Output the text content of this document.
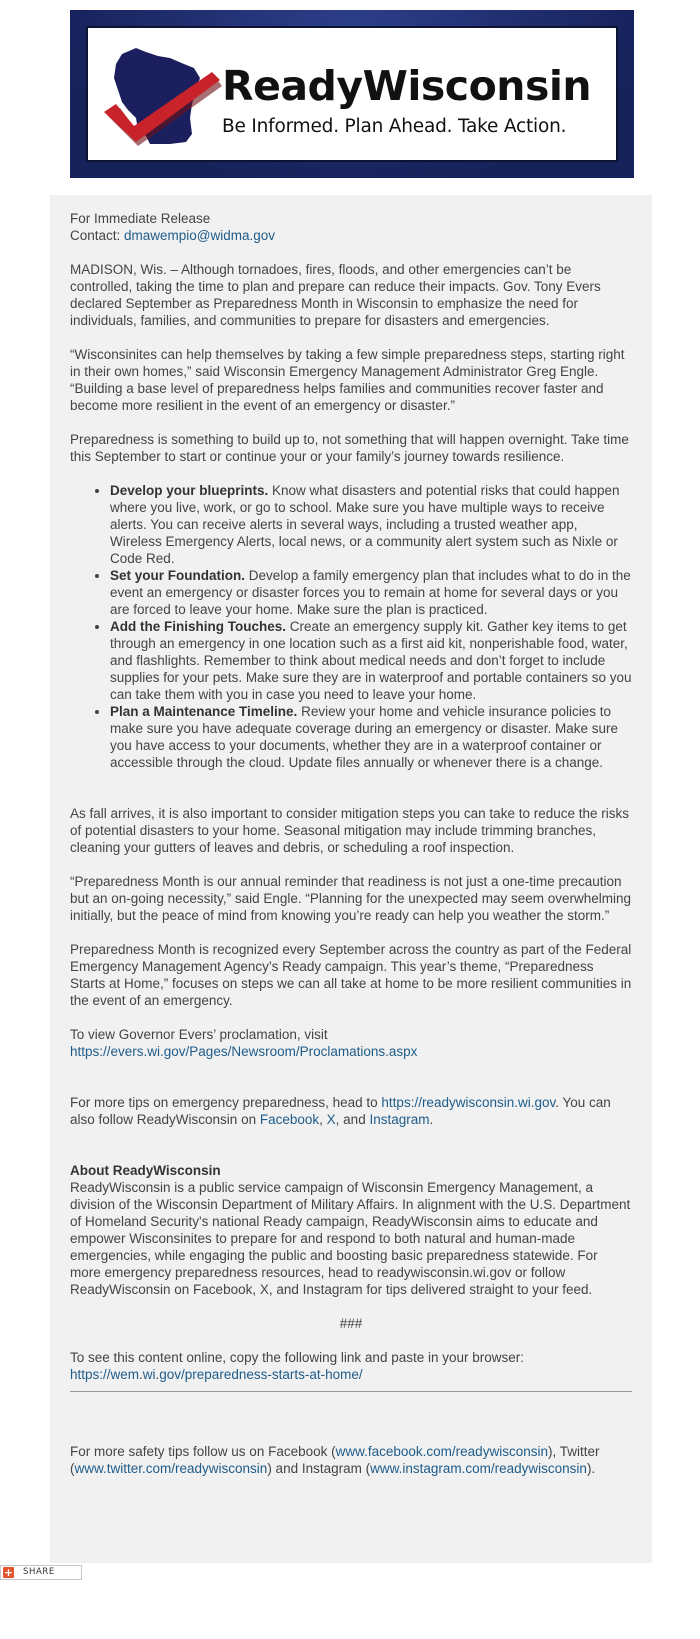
ReadyWisconsin
Be Informed. Plan Ahead. Take Action.

For Immediate Release
Contact: dmawempio@widma.gov

MADISON, Wis. – Although tornadoes, fires, floods, and other emergencies can’t be controlled, taking the time to plan and prepare can reduce their impacts. Gov. Tony Evers declared September as Preparedness Month in Wisconsin to emphasize the need for individuals, families, and communities to prepare for disasters and emergencies.

“Wisconsinites can help themselves by taking a few simple preparedness steps, starting right in their own homes,” said Wisconsin Emergency Management Administrator Greg Engle. “Building a base level of preparedness helps families and communities recover faster and become more resilient in the event of an emergency or disaster.”

Preparedness is something to build up to, not something that will happen overnight. Take time this September to start or continue your or your family’s journey towards resilience.

• Develop your blueprints. Know what disasters and potential risks that could happen where you live, work, or go to school. Make sure you have multiple ways to receive alerts. You can receive alerts in several ways, including a trusted weather app, Wireless Emergency Alerts, local news, or a community alert system such as Nixle or Code Red.
• Set your Foundation. Develop a family emergency plan that includes what to do in the event an emergency or disaster forces you to remain at home for several days or you are forced to leave your home. Make sure the plan is practiced.
• Add the Finishing Touches. Create an emergency supply kit. Gather key items to get through an emergency in one location such as a first aid kit, nonperishable food, water, and flashlights. Remember to think about medical needs and don’t forget to include supplies for your pets. Make sure they are in waterproof and portable containers so you can take them with you in case you need to leave your home.
• Plan a Maintenance Timeline. Review your home and vehicle insurance policies to make sure you have adequate coverage during an emergency or disaster. Make sure you have access to your documents, whether they are in a waterproof container or accessible through the cloud. Update files annually or whenever there is a change.

As fall arrives, it is also important to consider mitigation steps you can take to reduce the risks of potential disasters to your home. Seasonal mitigation may include trimming branches, cleaning your gutters of leaves and debris, or scheduling a roof inspection.

“Preparedness Month is our annual reminder that readiness is not just a one-time precaution but an on-going necessity,” said Engle. “Planning for the unexpected may seem overwhelming initially, but the peace of mind from knowing you’re ready can help you weather the storm.”

Preparedness Month is recognized every September across the country as part of the Federal Emergency Management Agency’s Ready campaign. This year’s theme, “Preparedness Starts at Home,” focuses on steps we can all take at home to be more resilient communities in the event of an emergency.

To view Governor Evers’ proclamation, visit
https://evers.wi.gov/Pages/Newsroom/Proclamations.aspx

For more tips on emergency preparedness, head to https://readywisconsin.wi.gov. You can also follow ReadyWisconsin on Facebook, X, and Instagram.

About ReadyWisconsin

ReadyWisconsin is a public service campaign of Wisconsin Emergency Management, a division of the Wisconsin Department of Military Affairs. In alignment with the U.S. Department of Homeland Security's national Ready campaign, ReadyWisconsin aims to educate and empower Wisconsinites to prepare for and respond to both natural and human-made emergencies, while engaging the public and boosting basic preparedness statewide. For more emergency preparedness resources, head to readywisconsin.wi.gov or follow ReadyWisconsin on Facebook, X, and Instagram for tips delivered straight to your feed.

###

To see this content online, copy the following link and paste in your browser:
https://wem.wi.gov/preparedness-starts-at-home/

For more safety tips follow us on Facebook (www.facebook.com/readywisconsin), Twitter (www.twitter.com/readywisconsin) and Instagram (www.instagram.com/readywisconsin).

+ SHARE
